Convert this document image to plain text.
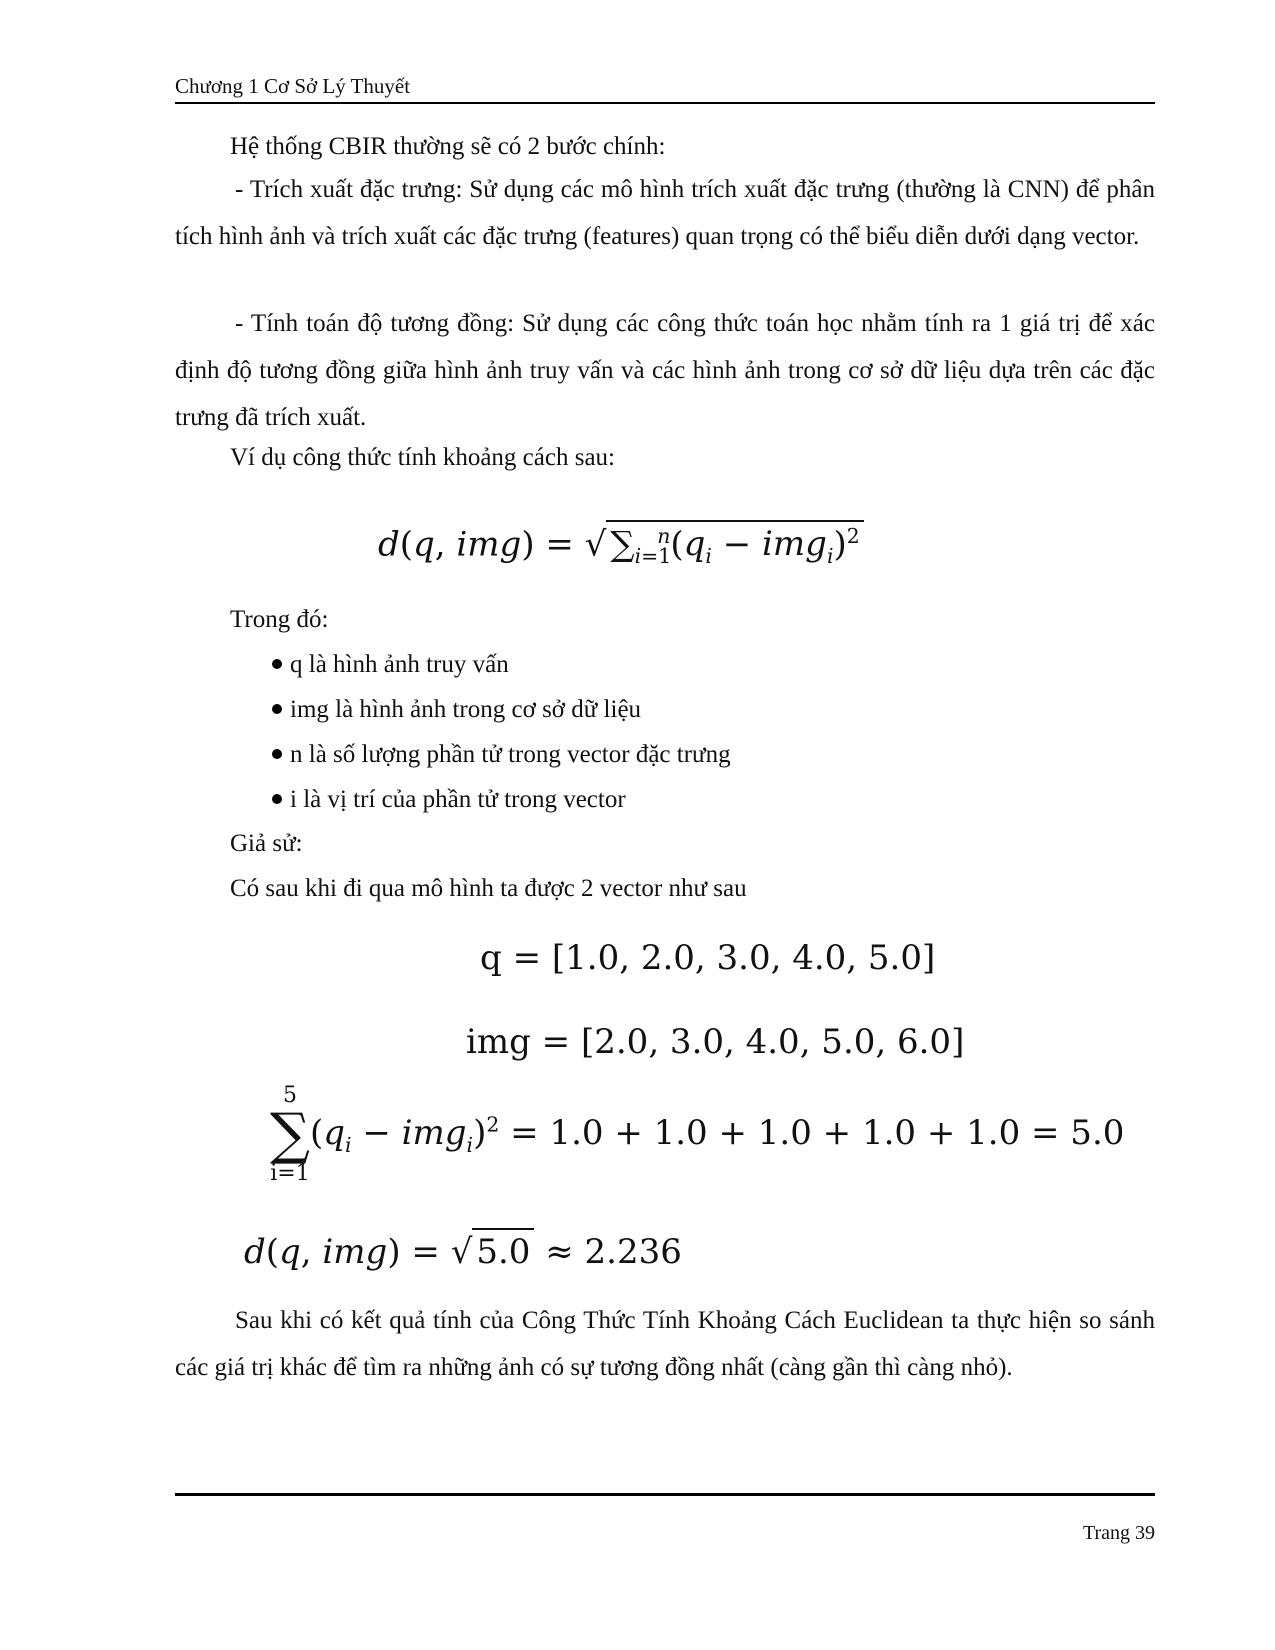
Chương 1 Cơ Sở Lý Thuyết
Hệ thống CBIR thường sẽ có 2 bước chính:
- Trích xuất đặc trưng: Sử dụng các mô hình trích xuất đặc trưng (thường là CNN) để phân tích hình ảnh và trích xuất các đặc trưng (features) quan trọng có thể biểu diễn dưới dạng vector.
- Tính toán độ tương đồng: Sử dụng các công thức toán học nhằm tính ra 1 giá trị để xác định độ tương đồng giữa hình ảnh truy vấn và các hình ảnh trong cơ sở dữ liệu dựa trên các đặc trưng đã trích xuất.
Ví dụ công thức tính khoảng cách sau:
d(q, img) = √ $\sum_{i=1}^n(q_i - img_i)^2$
Trong đó:
q là hình ảnh truy vấn
img là hình ảnh trong cơ sở dữ liệu
n là số lượng phần tử trong vector đặc trưng
i là vị trí của phần tử trong vector
Giả sử:
Có sau khi đi qua mô hình ta được 2 vector như sau
q = [1.0, 2.0, 3.0, 4.0, 5.0]
img = [2.0, 3.0, 4.0, 5.0, 6.0]
5
∑
i=1
$(q_i - img_i)^2 = 1.0 + 1.0 + 1.0 + 1.0 + 1.0 = 5.0$
d(q, img) = √ 5.0 ≈ 2.236
Sau khi có kết quả tính của Công Thức Tính Khoảng Cách Euclidean ta thực hiện so sánh các giá trị khác để tìm ra những ảnh có sự tương đồng nhất (càng gần thì càng nhỏ).
Trang 39
